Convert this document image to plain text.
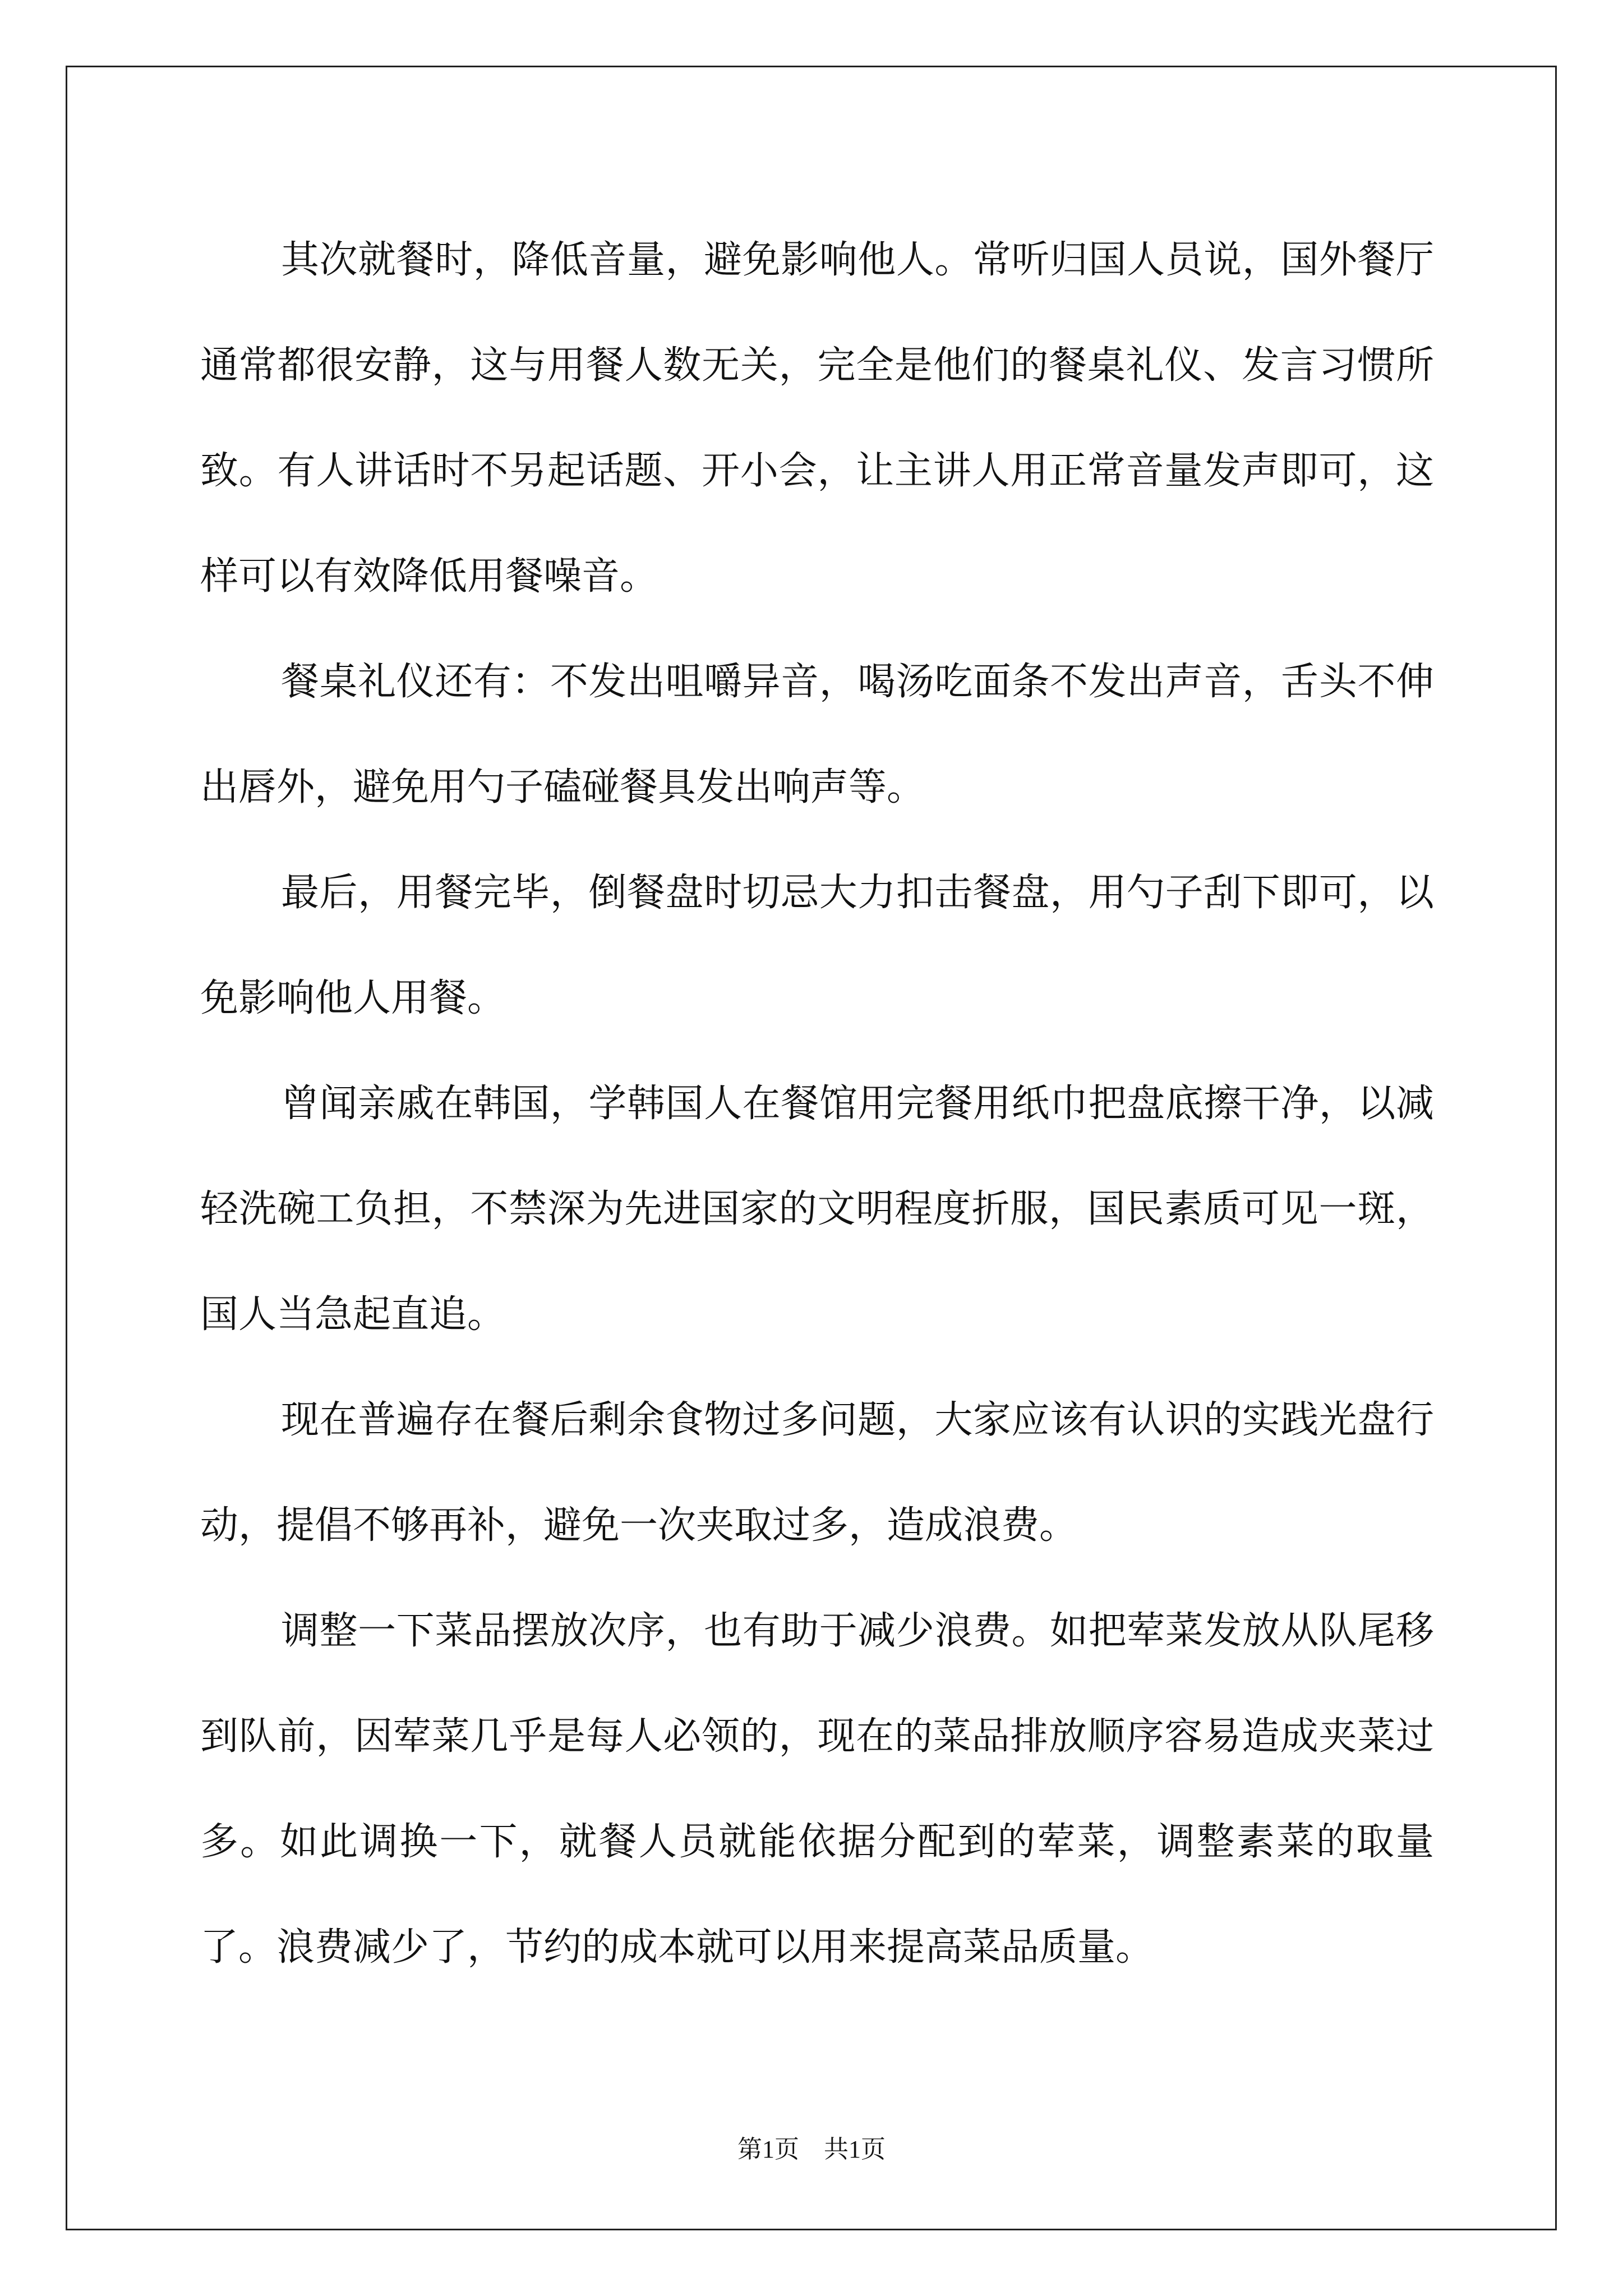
其次就餐时，降低音量，避免影响他人。常听归国人员说，国外餐厅通常都很安静，这与用餐人数无关，完全是他们的餐桌礼仪、发言习惯所致。有人讲话时不另起话题、开小会，让主讲人用正常音量发声即可，这样可以有效降低用餐噪音。

餐桌礼仪还有：不发出咀嚼异音，喝汤吃面条不发出声音，舌头不伸出唇外，避免用勺子磕碰餐具发出响声等。

最后，用餐完毕，倒餐盘时切忌大力扣击餐盘，用勺子刮下即可，以免影响他人用餐。

曾闻亲戚在韩国，学韩国人在餐馆用完餐用纸巾把盘底擦干净，以减轻洗碗工负担，不禁深为先进国家的文明程度折服，国民素质可见一斑，国人当急起直追。

现在普遍存在餐后剩余食物过多问题，大家应该有认识的实践光盘行动，提倡不够再补，避免一次夹取过多，造成浪费。

调整一下菜品摆放次序，也有助于减少浪费。如把荤菜发放从队尾移到队前，因荤菜几乎是每人必领的，现在的菜品排放顺序容易造成夹菜过多。如此调换一下，就餐人员就能依据分配到的荤菜，调整素菜的取量了。浪费减少了，节约的成本就可以用来提高菜品质量。

第1页　共1页
